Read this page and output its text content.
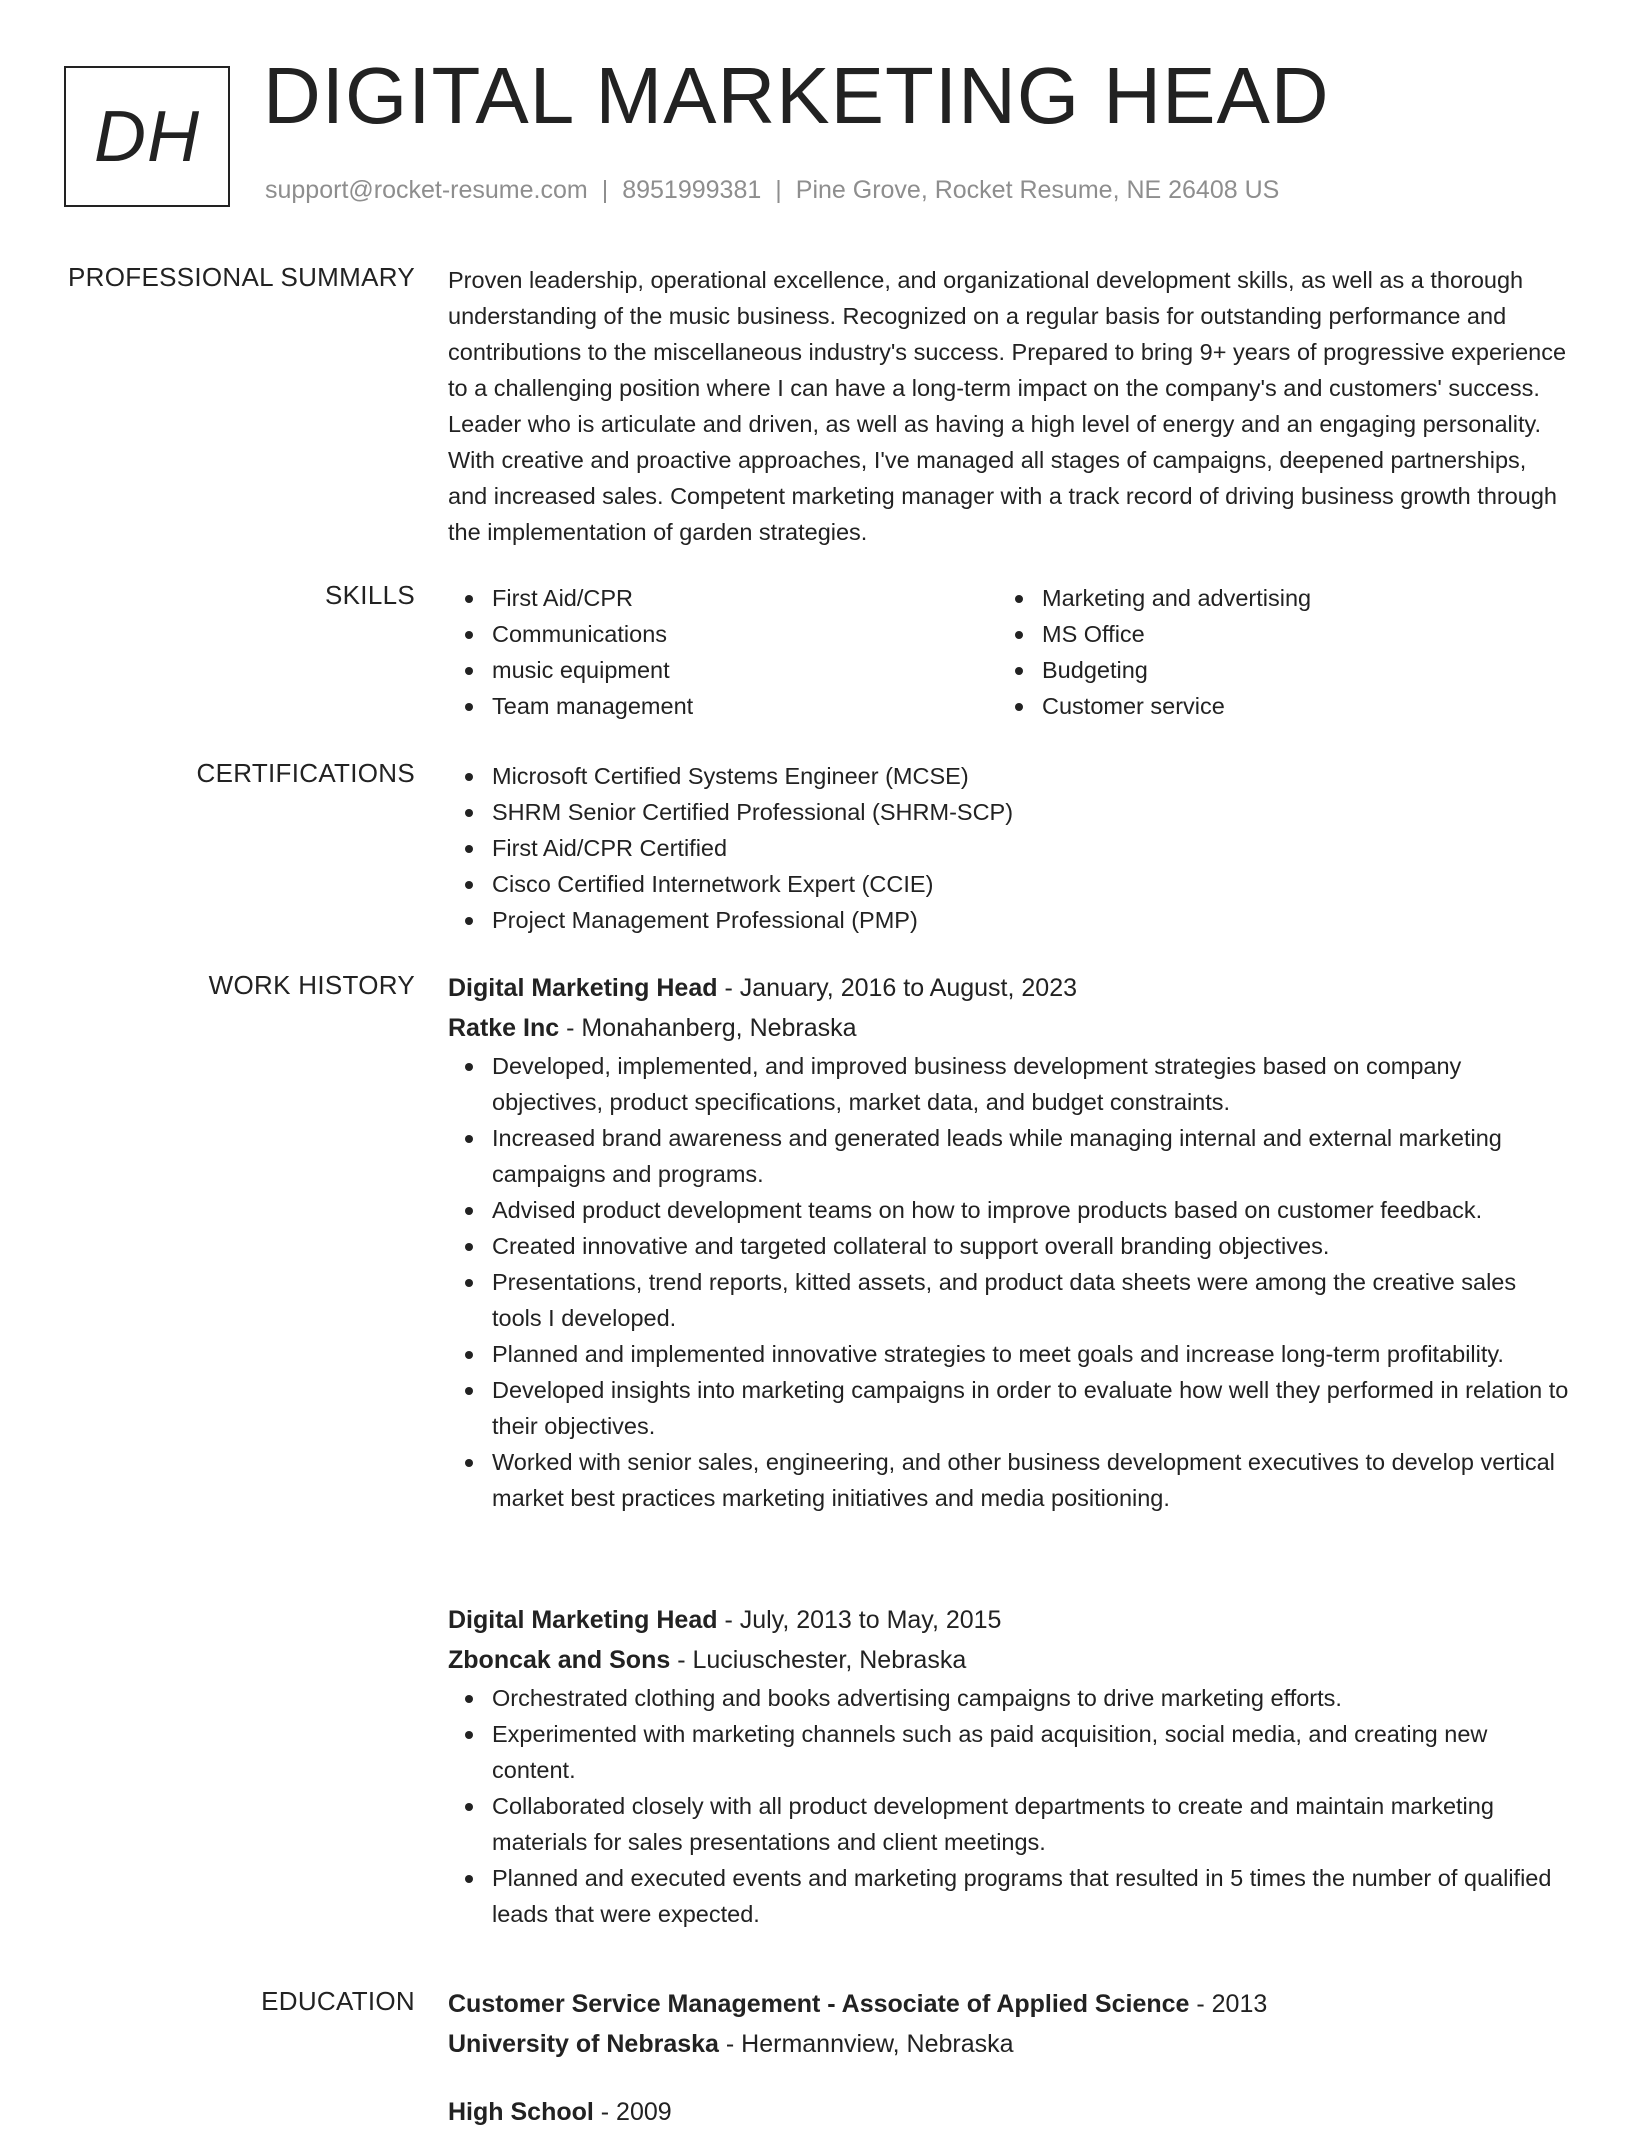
DH DIGITAL MARKETING HEAD
support@rocket-resume.com | 8951999381 | Pine Grove, Rocket Resume, NE 26408 US
PROFESSIONAL SUMMARY Proven leadership, operational excellence, and organizational development skills, as well as a thorough understanding of the music business. Recognized on a regular basis for outstanding performance and contributions to the miscellaneous industry's success. Prepared to bring 9+ years of progressive experience to a challenging position where I can have a long-term impact on the company's and customers' success. Leader who is articulate and driven, as well as having a high level of energy and an engaging personality. With creative and proactive approaches, I've managed all stages of campaigns, deepened partnerships, and increased sales. Competent marketing manager with a track record of driving business growth through the implementation of garden strategies.

SKILLS	First Aid/CPR
Communications
music equipment
Team management
Marketing and advertising
MS Office
Budgeting
Customer service
CERTIFICATIONS	Microsoft Certified Systems Engineer (MCSE)
SHRM Senior Certified Professional (SHRM-SCP)
First Aid/CPR Certified
Cisco Certified Internetwork Expert (CCIE)
Project Management Professional (PMP)
WORK HISTORY Digital Marketing Head - January, 2016 to August, 2023
Ratke Inc - Monahanberg, Nebraska
Developed, implemented, and improved business development strategies based on company objectives, product specifications, market data, and budget constraints.
Increased brand awareness and generated leads while managing internal and external marketing campaigns and programs.
Advised product development teams on how to improve products based on customer feedback.
Created innovative and targeted collateral to support overall branding objectives.
Presentations, trend reports, kitted assets, and product data sheets were among the creative sales tools I developed.
Planned and implemented innovative strategies to meet goals and increase long-term profitability.
Developed insights into marketing campaigns in order to evaluate how well they performed in relation to their objectives.
Worked with senior sales, engineering, and other business development executives to develop vertical market best practices marketing initiatives and media positioning.
Digital Marketing Head - July, 2013 to May, 2015
Zboncak and Sons - Luciuschester, Nebraska
Orchestrated clothing and books advertising campaigns to drive marketing efforts.
Experimented with marketing channels such as paid acquisition, social media, and creating new content.
Collaborated closely with all product development departments to create and maintain marketing materials for sales presentations and client meetings.
Planned and executed events and marketing programs that resulted in 5 times the number of qualified leads that were expected.
EDUCATION Customer Service Management - Associate of Applied Science - 2013
University of Nebraska - Hermannview, Nebraska
High School - 2009
